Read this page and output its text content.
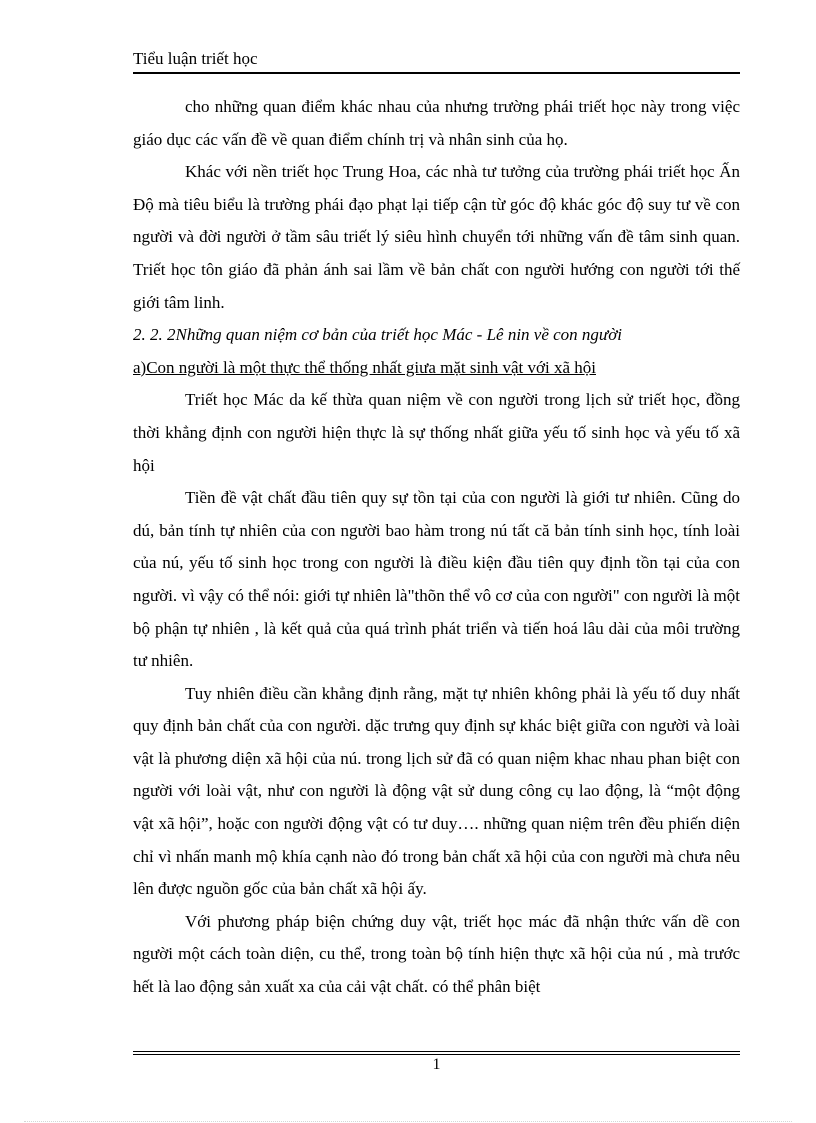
Tiểu luận triết học

cho những quan điểm khác nhau của nhưng trường phái triết học này trong việc giáo dục các vấn đề về quan điểm chính trị và nhân sinh của họ.

Khác với nền triết học Trung Hoa, các nhà tư tưởng của trường phái triết học Ấn Độ mà tiêu biểu là trường phái đạo phạt lại tiếp cận từ góc độ khác góc độ suy tư về con người và đời người ở tầm sâu triết lý siêu hình chuyển tới những vấn đề tâm sinh quan. Triết học tôn giáo đã phản ánh sai lầm về bản chất con người hướng con người tới thế giới tâm linh.

2. 2. 2Những quan niệm cơ bản của triết học Mác - Lê nin về con người

a)Con người là một thực thể thống nhất giưa mặt sinh vật với xã hội

Triết học Mác da kế thừa quan niệm về con người trong lịch sử triết học, đồng thời khẳng định con người hiện thực là sự thống nhất giữa yếu tố sinh học và yếu tố xã hội

Tiền đề vật chất đầu tiên quy sự tồn tại của con người là giới tư nhiên. Cũng do dú, bản tính tự nhiên của con người bao hàm trong nú tất că bản tính sinh học, tính loài của nú, yếu tố sinh học trong con người là điều kiện đầu tiên quy định tồn tại của con người. vì vậy có thể nói: giới tự nhiên là"thõn thể vô cơ của con người" con người là một bộ phận tự nhiên , là kết quả của quá trình phát triển và tiến hoá lâu dài của môi trường tư nhiên.

Tuy nhiên điều cần khẳng định rằng, mặt tự nhiên không phải là yếu tố duy nhất quy định bản chất của con người. dặc trưng quy định sự khác biệt giữa con người và loài vật là phương diện xã hội của nú. trong lịch sử đã có quan niệm khac nhau phan biệt con người với loài vật, như con người là động vật sử dung công cụ lao động, là “một động vật xã hội”, hoặc con người động vật có tư duy…. những quan niệm trên đều phiến diện chỉ vì nhấn manh mộ khía cạnh nào đó trong bản chất xã hội của con người mà chưa nêu lên được nguồn gốc của bản chất xã hội ấy.

Với phương pháp biện chứng duy vật, triết học mác đã nhận thức vấn dề con người một cách toàn diện, cu thể, trong toàn bộ tính hiện thực xã hội của nú , mà trước hết là lao động sản xuất xa của cải vật chất. có thể phân biệt

1
